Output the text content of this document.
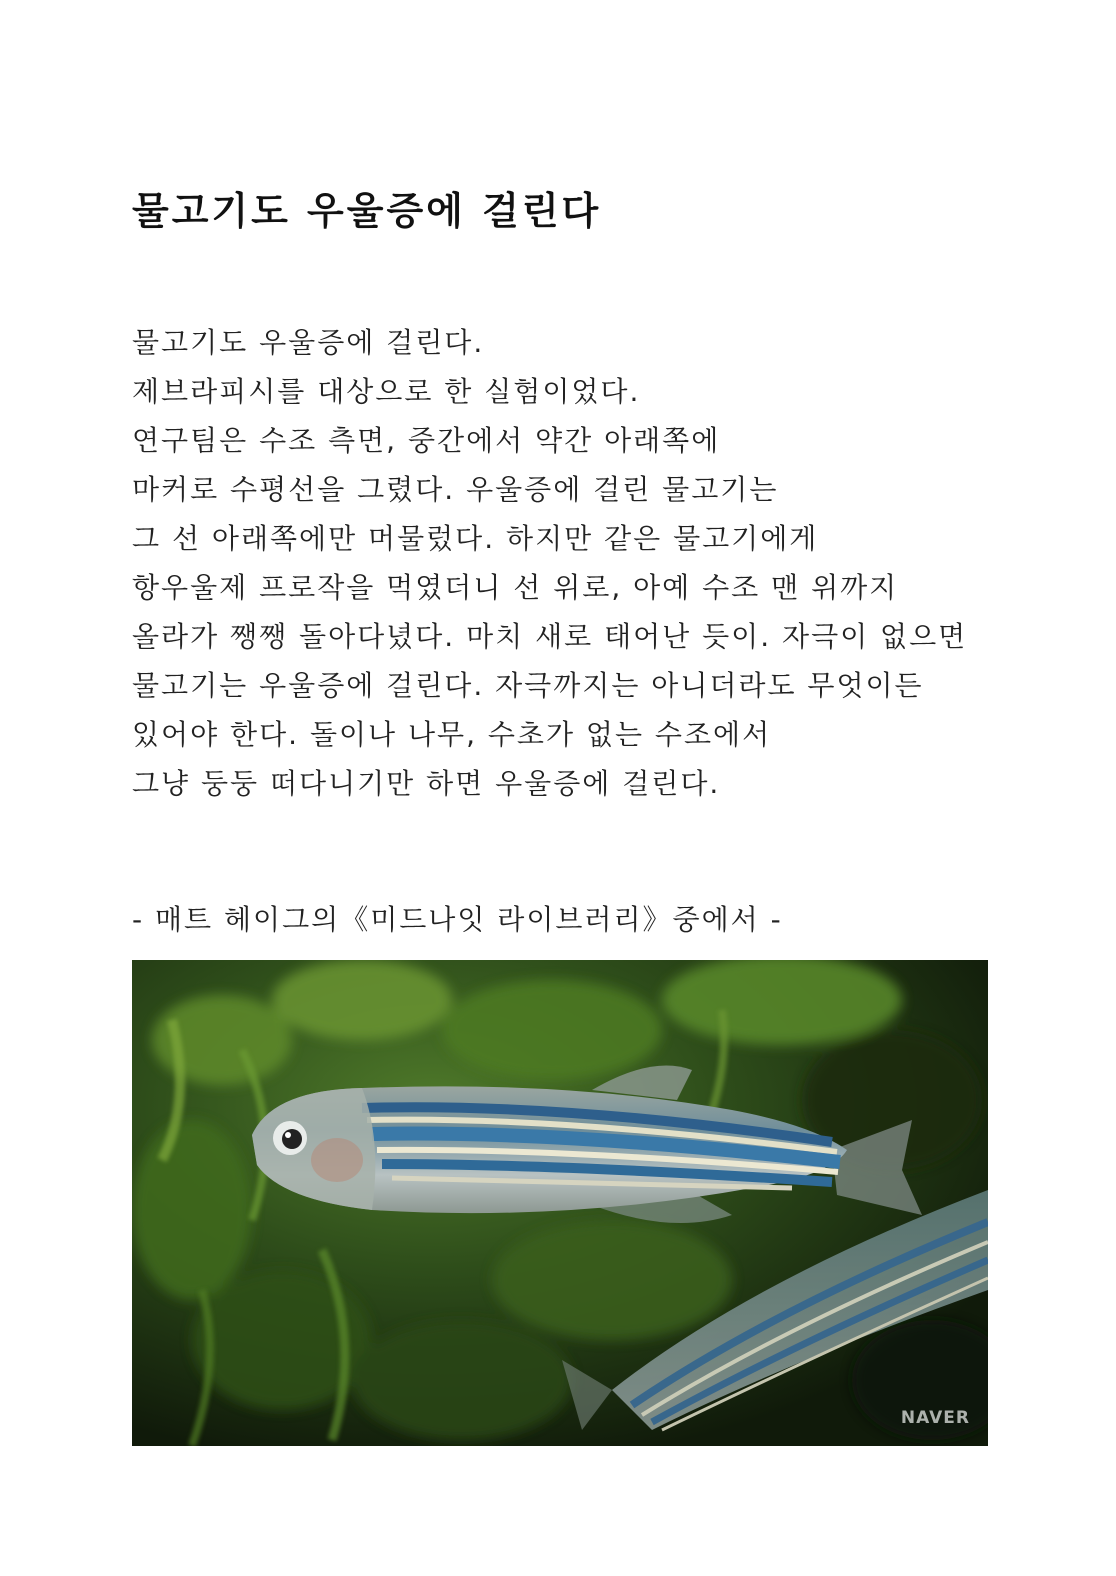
물고기도 우울증에 걸린다
물고기도 우울증에 걸린다.
제브라피시를 대상으로 한 실험이었다.
연구팀은 수조 측면, 중간에서 약간 아래쪽에
마커로 수평선을 그렸다. 우울증에 걸린 물고기는
그 선 아래쪽에만 머물렀다. 하지만 같은 물고기에게
항우울제 프로작을 먹였더니 선 위로, 아예 수조 맨 위까지
올라가 쨍쨍 돌아다녔다. 마치 새로 태어난 듯이. 자극이 없으면
물고기는 우울증에 걸린다. 자극까지는 아니더라도 무엇이든
있어야 한다. 돌이나 나무, 수초가 없는 수조에서
그냥 둥둥 떠다니기만 하면 우울증에 걸린다.
- 매트 헤이그의《미드나잇 라이브러리》중에서 -
NAVER
